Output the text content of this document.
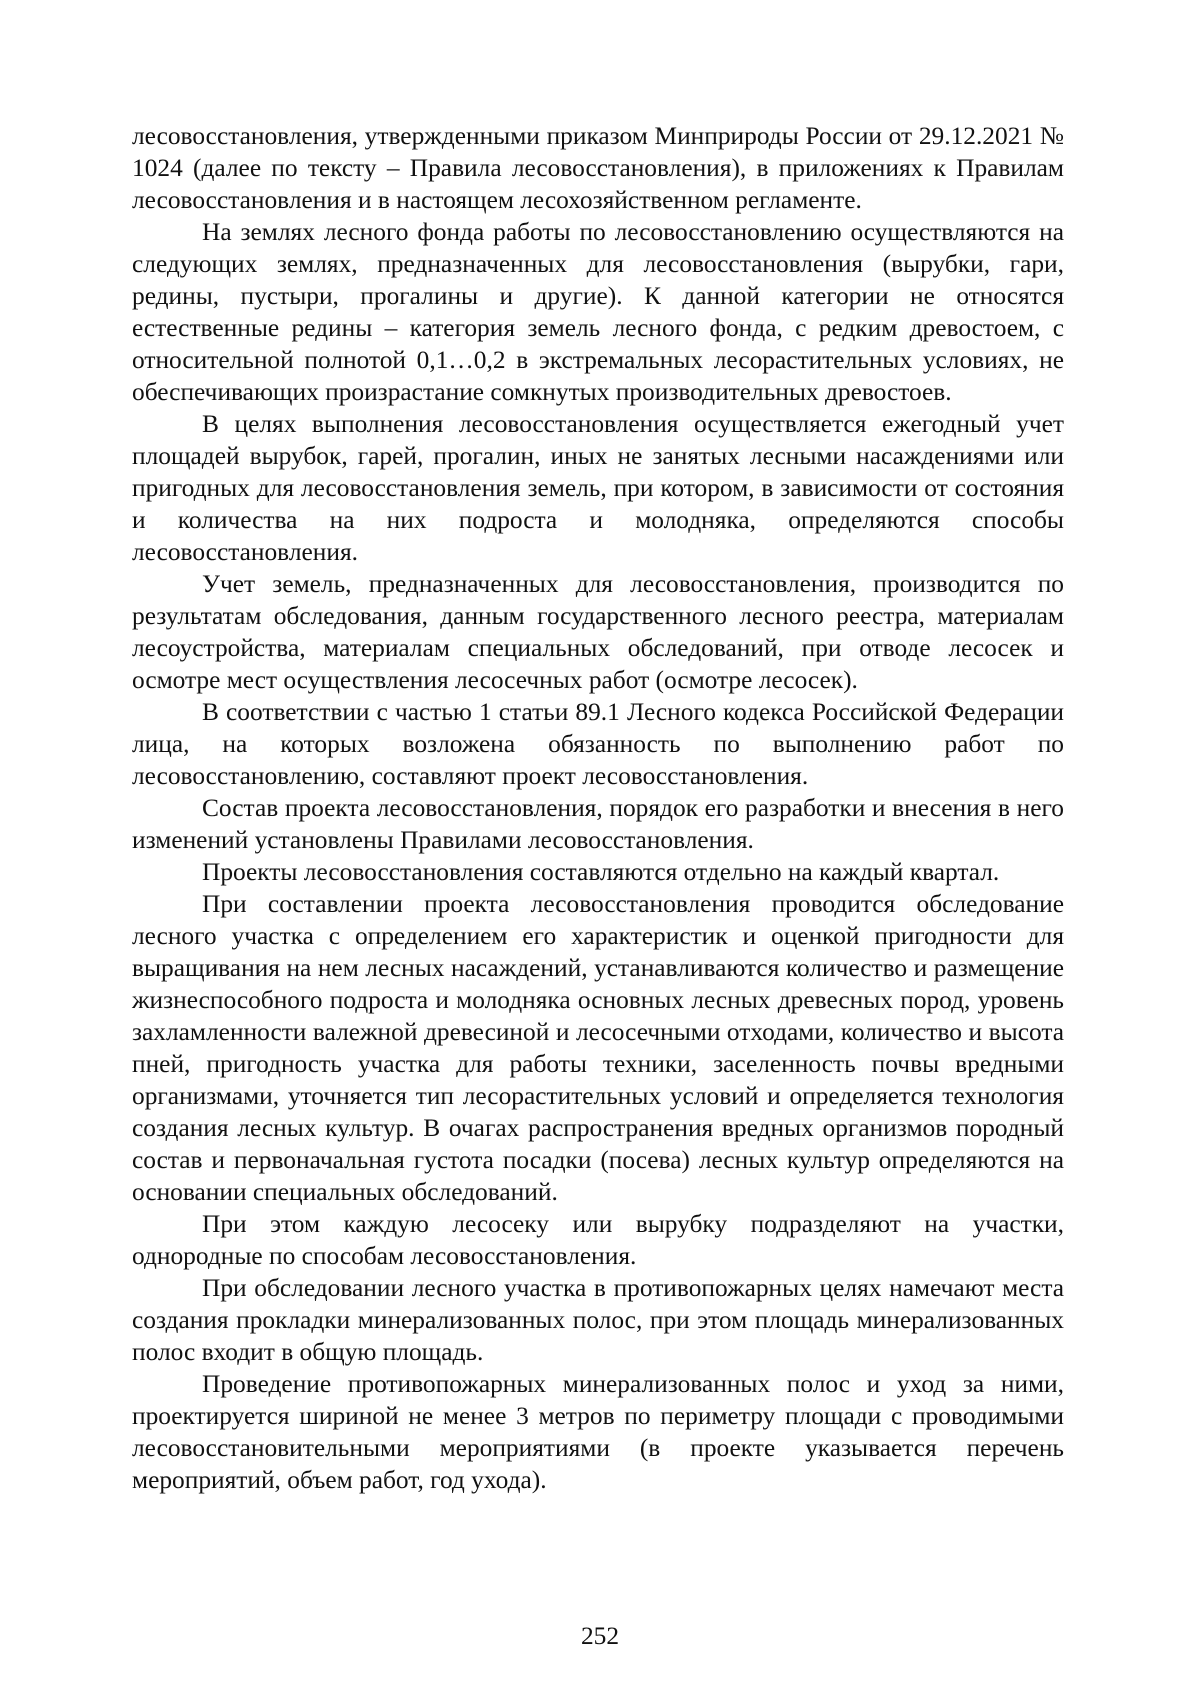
лесовосстановления, утвержденными приказом Минприроды России от 29.12.2021 № 1024 (далее по тексту – Правила лесовосстановления), в приложениях к Правилам лесовосстановления и в настоящем лесохозяйственном регламенте.

На землях лесного фонда работы по лесовосстановлению осуществляются на следующих землях, предназначенных для лесовосстановления (вырубки, гари, редины, пустыри, прогалины и другие). К данной категории не относятся естественные редины – категория земель лесного фонда, с редким древостоем, с относительной полнотой 0,1…0,2 в экстремальных лесорастительных условиях, не обеспечивающих произрастание сомкнутых производительных древостоев.

В целях выполнения лесовосстановления осуществляется ежегодный учет площадей вырубок, гарей, прогалин, иных не занятых лесными насаждениями или пригодных для лесовосстановления земель, при котором, в зависимости от состояния и количества на них подроста и молодняка, определяются способы лесовосстановления.

Учет земель, предназначенных для лесовосстановления, производится по результатам обследования, данным государственного лесного реестра, материалам лесоустройства, материалам специальных обследований, при отводе лесосек и осмотре мест осуществления лесосечных работ (осмотре лесосек).

В соответствии с частью 1 статьи 89.1 Лесного кодекса Российской Федерации лица, на которых возложена обязанность по выполнению работ по лесовосстановлению, составляют проект лесовосстановления.

Состав проекта лесовосстановления, порядок его разработки и внесения в него изменений установлены Правилами лесовосстановления.

Проекты лесовосстановления составляются отдельно на каждый квартал.

При составлении проекта лесовосстановления проводится обследование лесного участка с определением его характеристик и оценкой пригодности для выращивания на нем лесных насаждений, устанавливаются количество и размещение жизнеспособного подроста и молодняка основных лесных древесных пород, уровень захламленности валежной древесиной и лесосечными отходами, количество и высота пней, пригодность участка для работы техники, заселенность почвы вредными организмами, уточняется тип лесорастительных условий и определяется технология создания лесных культур. В очагах распространения вредных организмов породный состав и первоначальная густота посадки (посева) лесных культур определяются на основании специальных обследований.

При этом каждую лесосеку или вырубку подразделяют на участки, однородные по способам лесовосстановления.

При обследовании лесного участка в противопожарных целях намечают места создания прокладки минерализованных полос, при этом площадь минерализованных полос входит в общую площадь.

Проведение противопожарных минерализованных полос и уход за ними, проектируется шириной не менее 3 метров по периметру площади с проводимыми лесовосстановительными мероприятиями (в проекте указывается перечень мероприятий, объем работ, год ухода).

252
